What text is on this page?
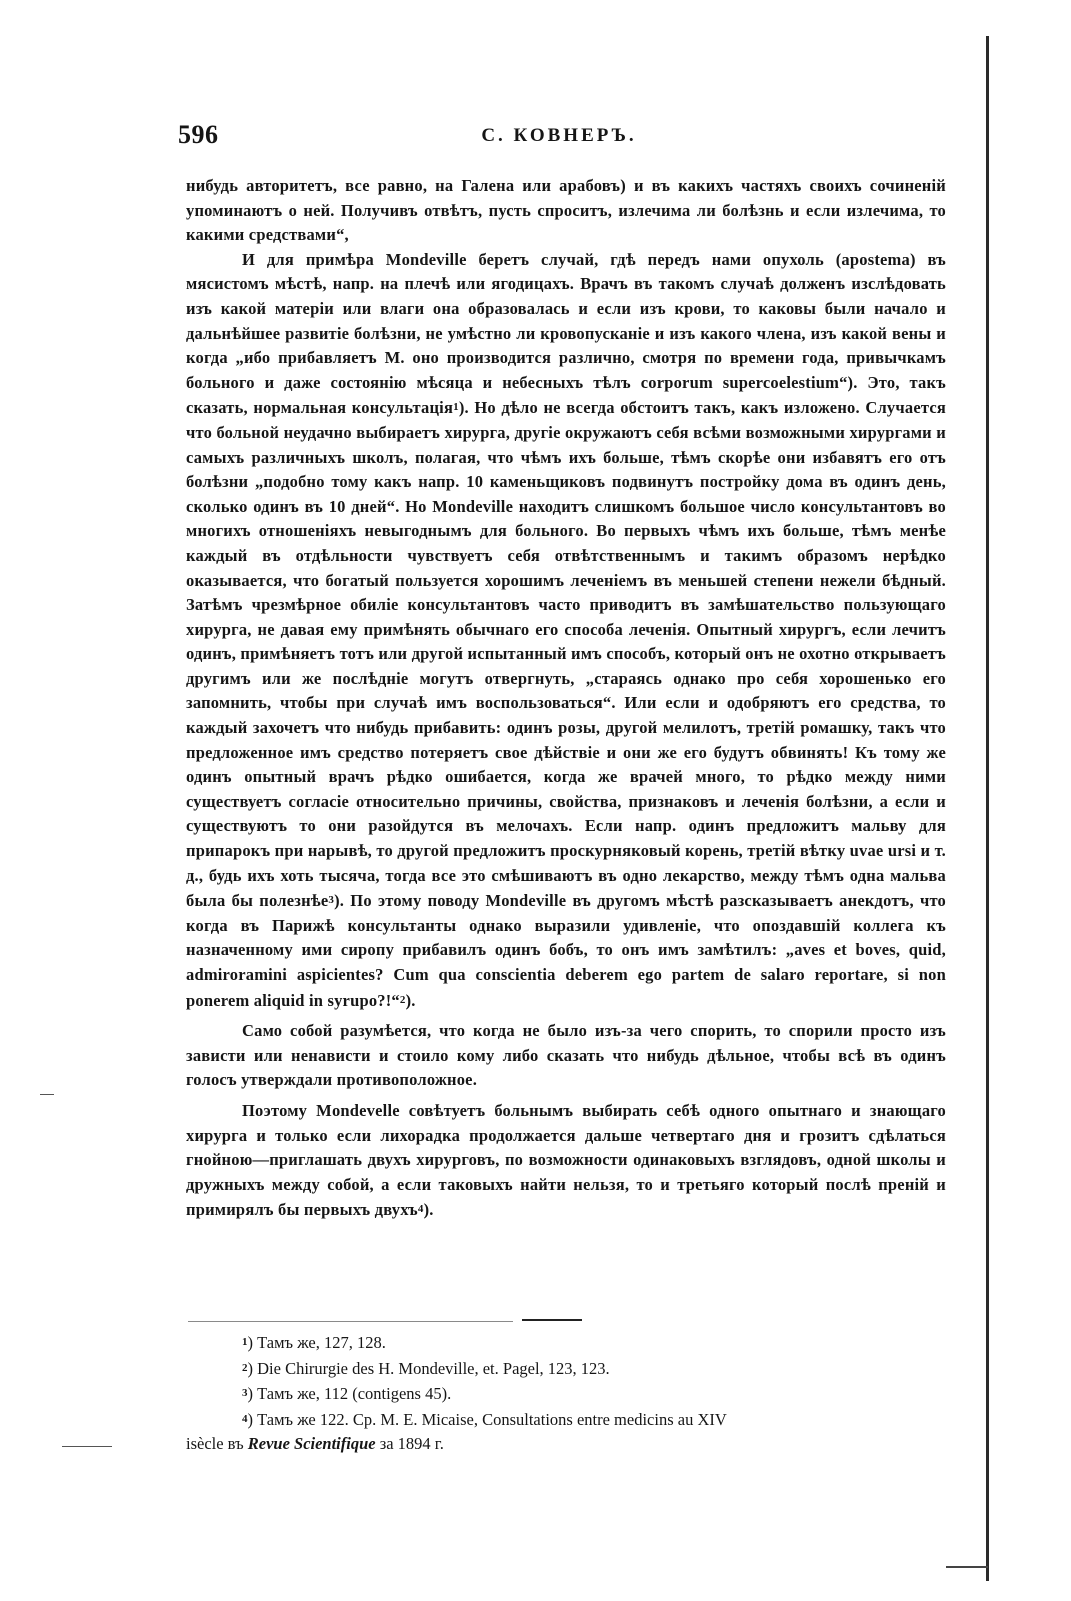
596	С. КОВНЕРЪ.

нибудь авторитетъ, все равно, на Галена или арабовъ) и въ какихъ частяхъ своихъ сочиненій упоминаютъ о ней. Получивъ отвѣтъ, пусть спроситъ, излечима ли болѣзнь и если излечима, то какими средствами“,

И для примѣра Mondeville беретъ случай, гдѣ передъ нами опухоль (apostema) въ мясистомъ мѣстѣ, напр. на плечѣ или ягодицахъ. Врачъ въ такомъ случаѣ долженъ изслѣдовать изъ какой матеріи или влаги она образовалась и если изъ крови, то каковы были начало и дальнѣйшее развитіе болѣзни, не умѣстно ли кровопусканіе и изъ какого члена, изъ какой вены и когда „ибо прибавляетъ М. оно производится различно, смотря по времени года, привычкамъ больного и даже состоянію мѣсяца и небесныхъ тѣлъ corporum supercoelestium“). Это, такъ сказать, нормальная консультація$^1$). Но дѣло не всегда обстоитъ такъ, какъ изложено. Случается что больной неудачно выбираетъ хирурга, другіе окружаютъ себя всѣми возможными хирургами и самыхъ различныхъ школъ, полагая, что чѣмъ ихъ больше, тѣмъ скорѣе они избавятъ его отъ болѣзни „подобно тому какъ напр. 10 каменьщиковъ подвинутъ постройку дома въ одинъ день, сколько одинъ въ 10 дней“. Но Mondeville находитъ слишкомъ большое число консультантовъ во многихъ отношеніяхъ невыгоднымъ для больного. Во первыхъ чѣмъ ихъ больше, тѣмъ менѣе каждый въ отдѣльности чувствуетъ себя отвѣтственнымъ и такимъ образомъ нерѣдко оказывается, что богатый пользуется хорошимъ леченіемъ въ меньшей степени нежели бѣдный. Затѣмъ чрезмѣрное обиліе консультантовъ часто приводитъ въ замѣшательство пользующаго хирурга, не давая ему примѣнять обычнаго его способа леченія. Опытный хирургъ, если лечитъ одинъ, примѣняетъ тотъ или другой испытанный имъ способъ, который онъ не охотно открываетъ другимъ или же послѣдніе могутъ отвергнуть, „стараясь однако про себя хорошенько его запомнить, чтобы при случаѣ имъ воспользоваться“. Или если и одобряютъ его средства, то каждый захочетъ что нибудь прибавить: одинъ розы, другой мелилотъ, третій ромашку, такъ что предложенное имъ средство потеряетъ свое дѣйствіе и они же его будутъ обвинять! Къ тому же одинъ опытный врачъ рѣдко ошибается, когда же врачей много, то рѣдко между ними существуетъ согласіе относительно причины, свойства, признаковъ и леченія болѣзни, а если и существуютъ то они разойдутся въ мелочахъ. Если напр. одинъ предложитъ мальву для припарокъ при нарывѣ, то другой предложитъ проскурняковый корень, третій вѣтку uvae ursi и т. д., будь ихъ хоть тысяча, тогда все это смѣшиваютъ въ одно лекарство, между тѣмъ одна мальва была бы полезнѣе$^3$). По этому поводу Mondeville въ другомъ мѣстѣ разсказываетъ анекдотъ, что когда въ Парижѣ консультанты однако выразили удивленіе, что опоздавшій коллега къ назначенному ими сиропу прибавилъ одинъ бобъ, то онъ имъ замѣтилъ: „aves et boves, quid, admiroramini aspicientes? Cum qua conscientia deberem ego partem de salaro reportare, si non ponerem aliquid in syrupo?!“$^2$).

Само собой разумѣется, что когда не было изъ-за чего спорить, то спорили просто изъ зависти или ненависти и стоило кому либо сказать что нибудь дѣльное, чтобы всѣ въ одинъ голосъ утверждали противоположное.

Поэтому Mondevelle совѣтуетъ больнымъ выбирать себѣ одного опытнаго и знающаго хирурга и только если лихорадка продолжается дальше четвертаго дня и грозитъ сдѣлаться гнойною—приглашать двухъ хирурговъ, по возможности одинаковыхъ взглядовъ, одной школы и дружныхъ между собой, а если таковыхъ найти нельзя, то и третьяго который послѣ преній и примирялъ бы первыхъ двухъ$^4$).

$^1$) Тамъ же, 127, 128.

$^2$) Die Chirurgie des H. Mondeville, et. Pagel, 123, 123.

$^3$) Тамъ же, 112 (contigens 45).

$^4$) Тамъ же 122. Ср. M. E. Micaise, Consultations entre medicins au XIV

isècle въ Revue Scientifique за 1894 г.
